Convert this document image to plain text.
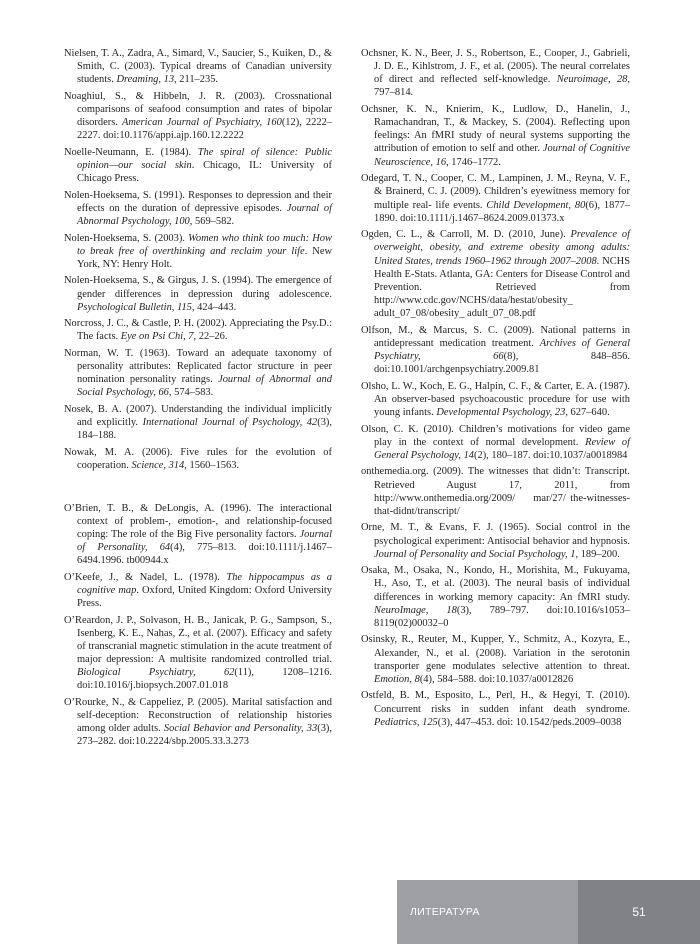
Nielsen, T. A., Zadra, A., Simard, V., Saucier, S., Kuiken, D., & Smith, C. (2003). Typical dreams of Canadian university students. Dreaming, 13, 211–235.

Noaghiul, S., & Hibbeln, J. R. (2003). Crossnational comparisons of seafood consumption and rates of bipolar disorders. American Journal of Psychiatry, 160(12), 2222–2227. doi:10.1176/appi.ajp.160.12.2222

Noelle-Neumann, E. (1984). The spiral of silence: Public opinion—our social skin. Chicago, IL: University of Chicago Press.

Nolen-Hoeksema, S. (1991). Responses to depression and their effects on the duration of depressive episodes. Journal of Abnormal Psychology, 100, 569–582.

Nolen-Hoeksema, S. (2003). Women who think too much: How to break free of overthinking and reclaim your life. New York, NY: Henry Holt.

Nolen-Hoeksema, S., & Girgus, J. S. (1994). The emergence of gender differences in depression during adolescence. Psychological Bulletin, 115, 424–443.

Norcross, J. C., & Castle, P. H. (2002). Appreciating the Psy.D.: The facts. Eye on Psi Chi, 7, 22–26.

Norman, W. T. (1963). Toward an adequate taxonomy of personality attributes: Replicated factor structure in peer nomination personality ratings. Journal of Abnormal and Social Psychology, 66, 574–583.

Nosek, B. A. (2007). Understanding the individual implicitly and explicitly. International Journal of Psychology, 42(3), 184–188.

Nowak, M. A. (2006). Five rules for the evolution of cooperation. Science, 314, 1560–1563.

O’Brien, T. B., & DeLongis, A. (1996). The interactional context of problem-, emotion-, and relationship-focused coping: The role of the Big Five personality factors. Journal of Personality, 64(4), 775–813. doi:10.1111/j.1467–6494.1996. tb00944.x

O’Keefe, J., & Nadel, L. (1978). The hippocampus as a cognitive map. Oxford, United Kingdom: Oxford University Press.

O’Reardon, J. P., Solvason, H. B., Janicak, P. G., Sampson, S., Isenberg, K. E., Nahas, Z., et al. (2007). Efficacy and safety of transcranial magnetic stimulation in the acute treatment of major depression: A multisite randomized controlled trial. Biological Psychiatry, 62(11), 1208–1216. doi:10.1016/j.biopsych.2007.01.018

O’Rourke, N., & Cappeliez, P. (2005). Marital satisfaction and self-deception: Reconstruction of relationship histories among older adults. Social Behavior and Personality, 33(3), 273–282. doi:10.2224/sbp.2005.33.3.273

Ochsner, K. N., Beer, J. S., Robertson, E., Cooper, J., Gabrieli, J. D. E., Kihlstrom, J. F., et al. (2005). The neural correlates of direct and reflected self-knowledge. Neuroimage, 28, 797–814.

Ochsner, K. N., Knierim, K., Ludlow, D., Hanelin, J., Ramachandran, T., & Mackey, S. (2004). Reflecting upon feelings: An fMRI study of neural systems supporting the attribution of emotion to self and other. Journal of Cognitive Neuroscience, 16, 1746–1772.

Odegard, T. N., Cooper, C. M., Lampinen, J. M., Reyna, V. F., & Brainerd, C. J. (2009). Children’s eyewitness memory for multiple real- life events. Child Development, 80(6), 1877–1890. doi:10.1111/j.1467–8624.2009.01373.x

Ogden, C. L., & Carroll, M. D. (2010, June). Prevalence of overweight, obesity, and extreme obesity among adults: United States, trends 1960–1962 through 2007–2008. NCHS Health E-Stats. Atlanta, GA: Centers for Disease Control and Prevention. Retrieved from http://www.cdc.gov/NCHS/data/hestat/obesity_ adult_07_08/obesity_ adult_07_08.pdf

Olfson, M., & Marcus, S. C. (2009). National patterns in antidepressant medication treatment. Archives of General Psychiatry, 66(8), 848–856. doi:10.1001/archgenpsychiatry.2009.81

Olsho, L. W., Koch, E. G., Halpin, C. F., & Carter, E. A. (1987). An observer-based psychoacoustic procedure for use with young infants. Developmental Psychology, 23, 627–640.

Olson, C. K. (2010). Children’s motivations for video game play in the context of normal development. Review of General Psychology, 14(2), 180–187. doi:10.1037/a0018984

onthemedia.org. (2009). The witnesses that didn’t: Transcript. Retrieved August 17, 2011, from http://www.onthemedia.org/2009/    mar/27/ the-witnesses-that-didnt/transcript/

Orne, M. T., & Evans, F. J. (1965). Social control in the psychological experiment: Antisocial behavior and hypnosis. Journal of Personality and Social Psychology, 1, 189–200.

Osaka, M., Osaka, N., Kondo, H., Morishita, M., Fukuyama, H., Aso, T., et al. (2003). The neural basis of individual differences in working memory capacity: An fMRI study. NeuroImage, 18(3), 789–797. doi:10.1016/s1053–8119(02)00032–0

Osinsky, R., Reuter, M., Kupper, Y., Schmitz, A., Kozyra, E., Alexander, N., et al. (2008). Variation in the serotonin transporter gene modulates selective attention to threat. Emotion, 8(4), 584–588. doi:10.1037/a0012826

Ostfeld, B. M., Esposito, L., Perl, H., & Hegyi, T. (2010). Concurrent risks in sudden infant death syndrome. Pediatrics, 125(3), 447–453. doi: 10.1542/peds.2009–0038

ЛИТЕРАТУРА	51
